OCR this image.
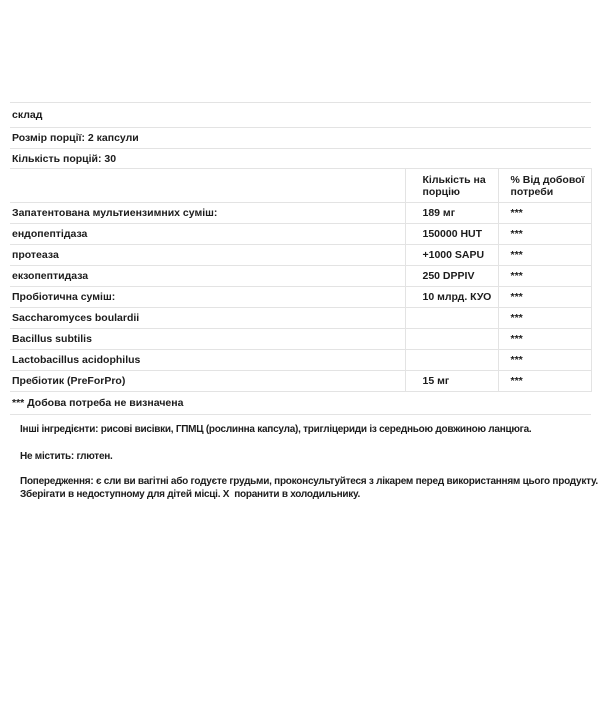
склад		
Розмір порції: 2 капсули		
Кількість порцій: 30		
	Кількість на порцію	% Від добової потреби
Запатентована мультиензимних суміш:	189 мг	***
ендопептідаза	150000 HUT	***
протеаза	+1000 SAPU	***
екзопептидаза	250 DPPIV	***
Пробіотична суміш:	10 млрд. КУО	***
Saccharomyces boulardii		***
Bacillus subtilis		***
Lactobacillus acidophilus		***
Пребіотик (PreForPro)	15 мг	***
*** Добова потреба не визначена		

Інші інгредієнти: рисові висівки, ГПМЦ (рослинна капсула), тригліцериди із середньою довжиною ланцюга.

Не містить: глютен.

Попередження: є сли ви вагітні або годуєте грудьми, проконсультуйтеся з лікарем перед використанням цього продукту.

Зберігати в недоступному для дітей місці. Х  поранити в холодильнику.
